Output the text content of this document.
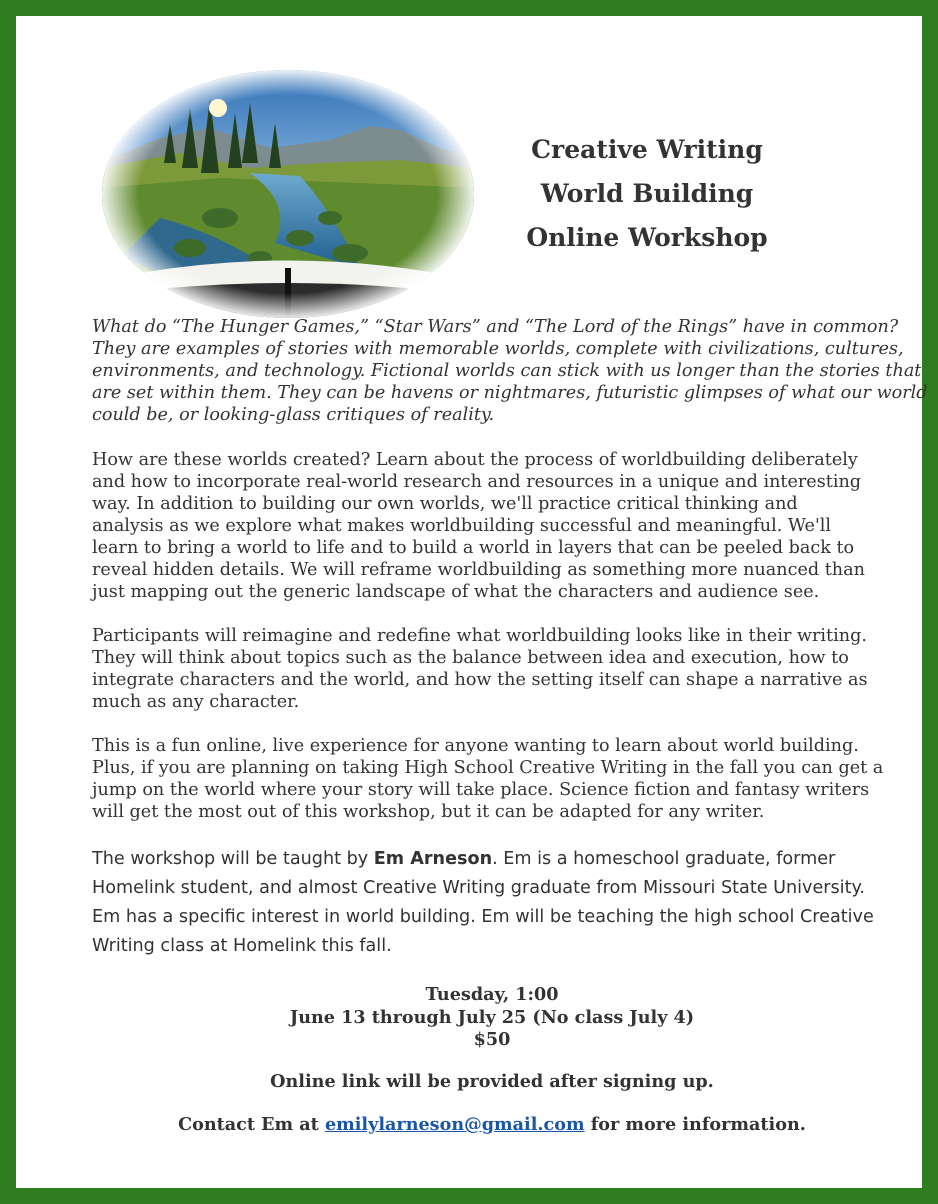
Creative Writing
World Building
Online Workshop
What do “The Hunger Games,” “Star Wars” and “The Lord of the Rings” have in common?
They are examples of stories with memorable worlds, complete with civilizations, cultures,
environments, and technology. Fictional worlds can stick with us longer than the stories that
are set within them. They can be havens or nightmares, futuristic glimpses of what our world
could be, or looking-glass critiques of reality.
How are these worlds created? Learn about the process of worldbuilding deliberately
and how to incorporate real-world research and resources in a unique and interesting
way. In addition to building our own worlds, we'll practice critical thinking and
analysis as we explore what makes worldbuilding successful and meaningful. We'll
learn to bring a world to life and to build a world in layers that can be peeled back to
reveal hidden details. We will reframe worldbuilding as something more nuanced than
just mapping out the generic landscape of what the characters and audience see.
Participants will reimagine and redefine what worldbuilding looks like in their writing.
They will think about topics such as the balance between idea and execution, how to
integrate characters and the world, and how the setting itself can shape a narrative as
much as any character.
This is a fun online, live experience for anyone wanting to learn about world building.
Plus, if you are planning on taking High School Creative Writing in the fall you can get a
jump on the world where your story will take place. Science fiction and fantasy writers
will get the most out of this workshop, but it can be adapted for any writer.
The workshop will be taught by Em Arneson. Em is a homeschool graduate, former
Homelink student, and almost Creative Writing graduate from Missouri State University.
Em has a specific interest in world building. Em will be teaching the high school Creative
Writing class at Homelink this fall.
Tuesday, 1:00
June 13 through July 25 (No class July 4)
$50
Online link will be provided after signing up.
Contact Em at emilylarneson@gmail.com for more information.
